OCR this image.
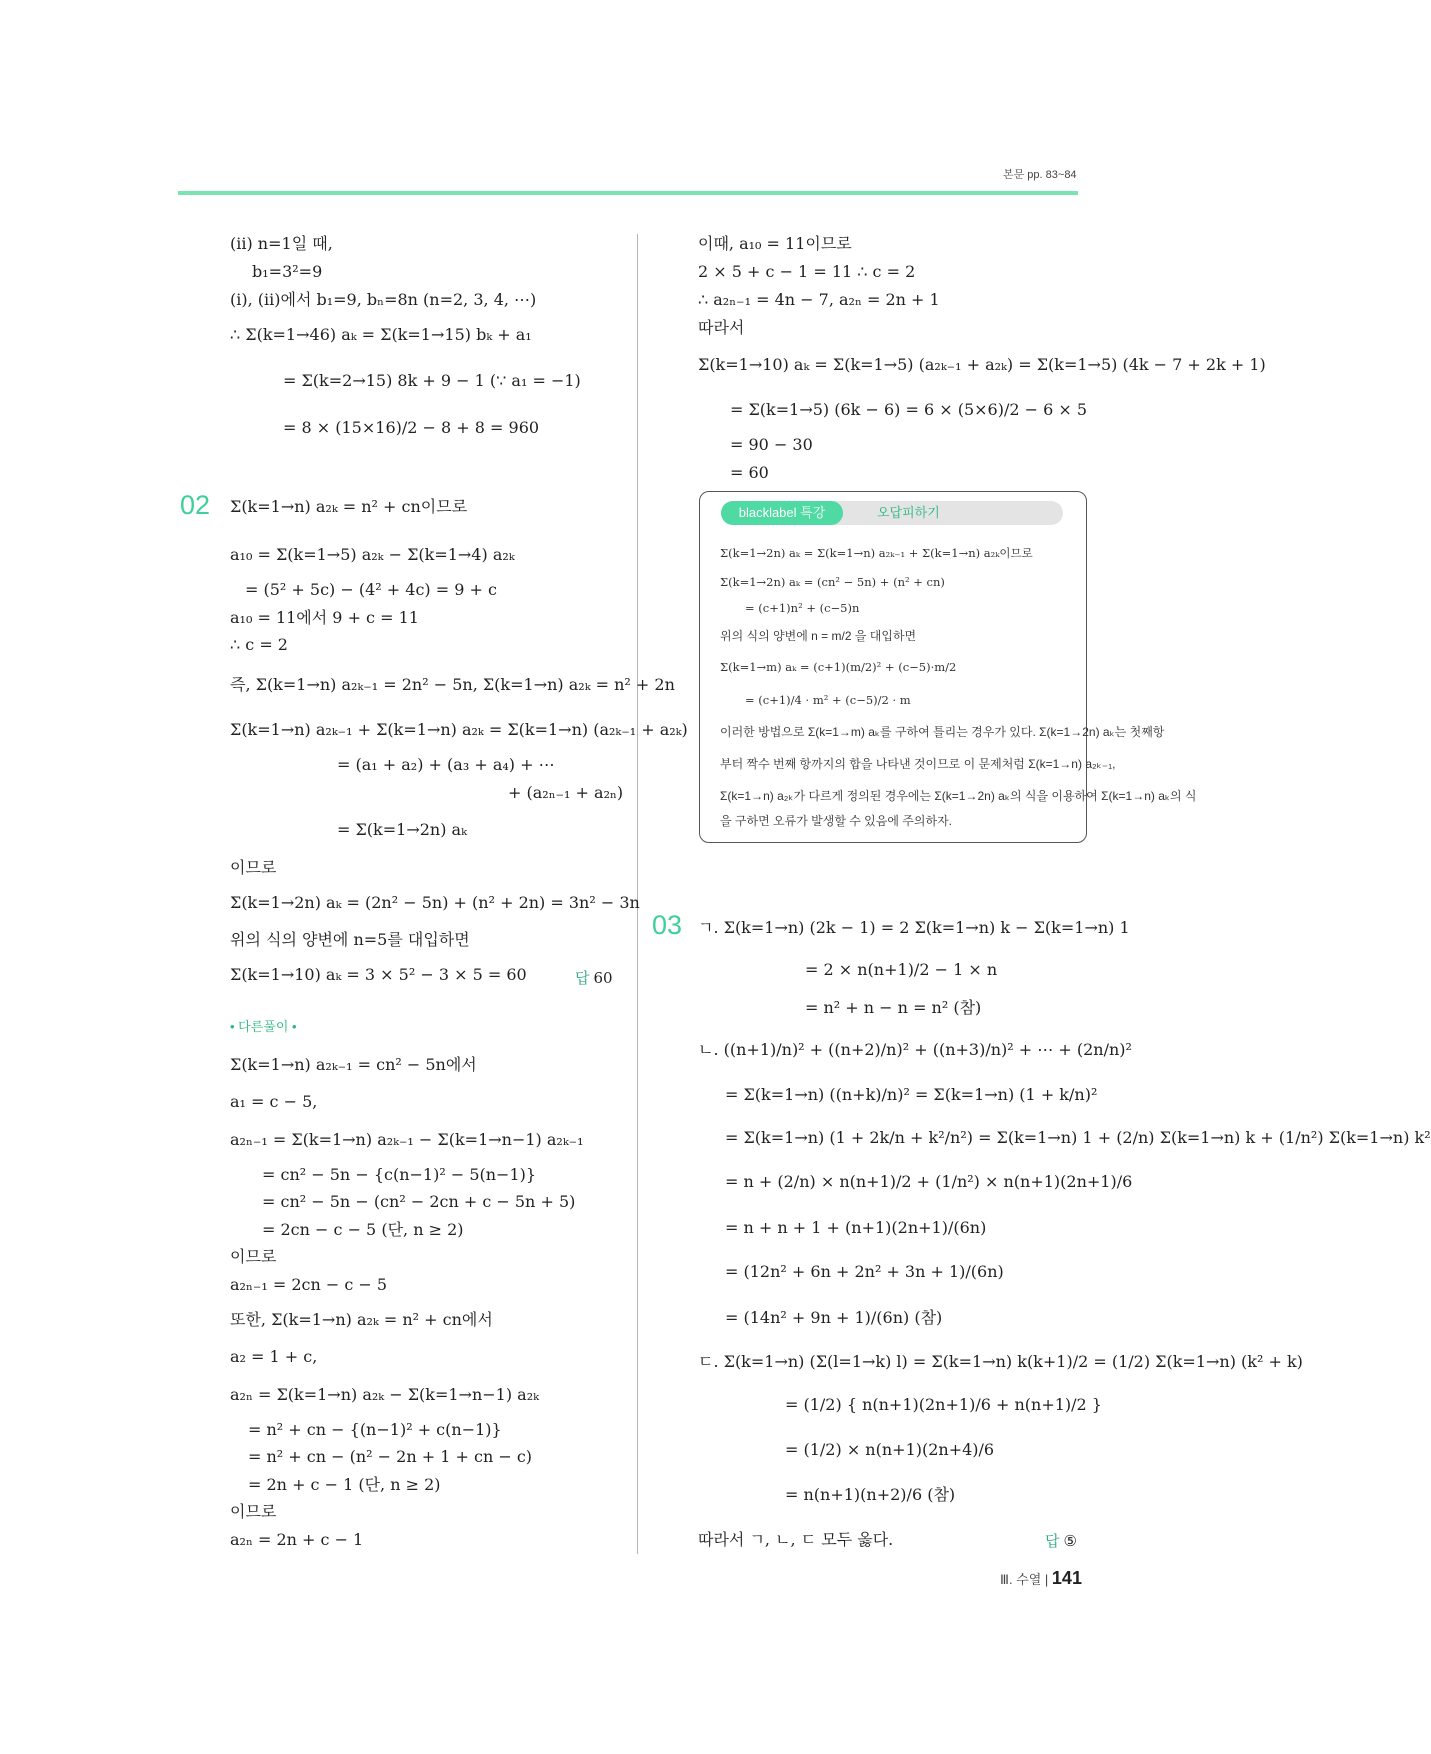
본문 pp. 83~84
(ii) n=1일 때,
b₁=3²=9
(i), (ii)에서 b₁=9, bₙ=8n (n=2, 3, 4, ⋯)
∴ Σ(k=1→46) aₖ = Σ(k=1→15) bₖ + a₁
= Σ(k=2→15) 8k + 9 − 1 (∵ a₁ = −1)
= 8 × (15×16)/2 − 8 + 8 = 960
02 Σ(k=1→n) a₂ₖ = n² + cn이므로
a₁₀ = Σ(k=1→5) a₂ₖ − Σ(k=1→4) a₂ₖ
= (5² + 5c) − (4² + 4c) = 9 + c
a₁₀ = 11에서 9 + c = 11
∴ c = 2
즉, Σ(k=1→n) a₂ₖ₋₁ = 2n² − 5n, Σ(k=1→n) a₂ₖ = n² + 2n
Σ(k=1→n) a₂ₖ₋₁ + Σ(k=1→n) a₂ₖ = Σ(k=1→n) (a₂ₖ₋₁ + a₂ₖ)
= (a₁ + a₂) + (a₃ + a₄) + ⋯
+ (a₂ₙ₋₁ + a₂ₙ)
= Σ(k=1→2n) aₖ
이므로
Σ(k=1→2n) aₖ = (2n² − 5n) + (n² + 2n) = 3n² − 3n
위의 식의 양변에 n=5를 대입하면
Σ(k=1→10) aₖ = 3 × 5² − 3 × 5 = 60	답 60
• 다른풀이 •
Σ(k=1→n) a₂ₖ₋₁ = cn² − 5n에서
a₁ = c − 5,
a₂ₙ₋₁ = Σ(k=1→n) a₂ₖ₋₁ − Σ(k=1→n−1) a₂ₖ₋₁
= cn² − 5n − {c(n−1)² − 5(n−1)}
= cn² − 5n − (cn² − 2cn + c − 5n + 5)
= 2cn − c − 5 (단, n ≥ 2)
이므로
a₂ₙ₋₁ = 2cn − c − 5
또한, Σ(k=1→n) a₂ₖ = n² + cn에서
a₂ = 1 + c,
a₂ₙ = Σ(k=1→n) a₂ₖ − Σ(k=1→n−1) a₂ₖ
= n² + cn − {(n−1)² + c(n−1)}
= n² + cn − (n² − 2n + 1 + cn − c)
= 2n + c − 1 (단, n ≥ 2)
이므로
a₂ₙ = 2n + c − 1
이때, a₁₀ = 11이므로
2 × 5 + c − 1 = 11 ∴ c = 2
∴ a₂ₙ₋₁ = 4n − 7, a₂ₙ = 2n + 1
따라서
Σ(k=1→10) aₖ = Σ(k=1→5) (a₂ₖ₋₁ + a₂ₖ) = Σ(k=1→5) (4k − 7 + 2k + 1)
= Σ(k=1→5) (6k − 6) = 6 × (5×6)/2 − 6 × 5
= 90 − 30
= 60
blacklabel 특강	오답피하기
Σ(k=1→2n) aₖ = Σ(k=1→n) a₂ₖ₋₁ + Σ(k=1→n) a₂ₖ이므로
Σ(k=1→2n) aₖ = (cn² − 5n) + (n² + cn)
= (c+1)n² + (c−5)n
위의 식의 양변에 n = m/2 을 대입하면
Σ(k=1→m) aₖ = (c+1)(m/2)² + (c−5)·m/2
= (c+1)/4 · m² + (c−5)/2 · m
이러한 방법으로 Σ(k=1→m) aₖ를 구하여 틀리는 경우가 있다. Σ(k=1→2n) aₖ는 첫째항
부터 짝수 번째 항까지의 합을 나타낸 것이므로 이 문제처럼 Σ(k=1→n) a₂ₖ₋₁,
Σ(k=1→n) a₂ₖ가 다르게 정의된 경우에는 Σ(k=1→2n) aₖ의 식을 이용하여 Σ(k=1→n) aₖ의 식
을 구하면 오류가 발생할 수 있음에 주의하자.
03 ㄱ. Σ(k=1→n) (2k − 1) = 2 Σ(k=1→n) k − Σ(k=1→n) 1
= 2 × n(n+1)/2 − 1 × n
= n² + n − n = n² (참)
ㄴ. ((n+1)/n)² + ((n+2)/n)² + ((n+3)/n)² + ⋯ + (2n/n)²
= Σ(k=1→n) ((n+k)/n)² = Σ(k=1→n) (1 + k/n)²
= Σ(k=1→n) (1 + 2k/n + k²/n²) = Σ(k=1→n) 1 + (2/n) Σ(k=1→n) k + (1/n²) Σ(k=1→n) k²
= n + (2/n) × n(n+1)/2 + (1/n²) × n(n+1)(2n+1)/6
= n + n + 1 + (n+1)(2n+1)/(6n)
= (12n² + 6n + 2n² + 3n + 1)/(6n)
= (14n² + 9n + 1)/(6n) (참)
ㄷ. Σ(k=1→n) (Σ(l=1→k) l) = Σ(k=1→n) k(k+1)/2 = (1/2) Σ(k=1→n) (k² + k)
= (1/2) { n(n+1)(2n+1)/6 + n(n+1)/2 }
= (1/2) × n(n+1)(2n+4)/6
= n(n+1)(n+2)/6 (참)
따라서 ㄱ, ㄴ, ㄷ 모두 옳다.	답 ⑤
Ⅲ. 수열 | 141
